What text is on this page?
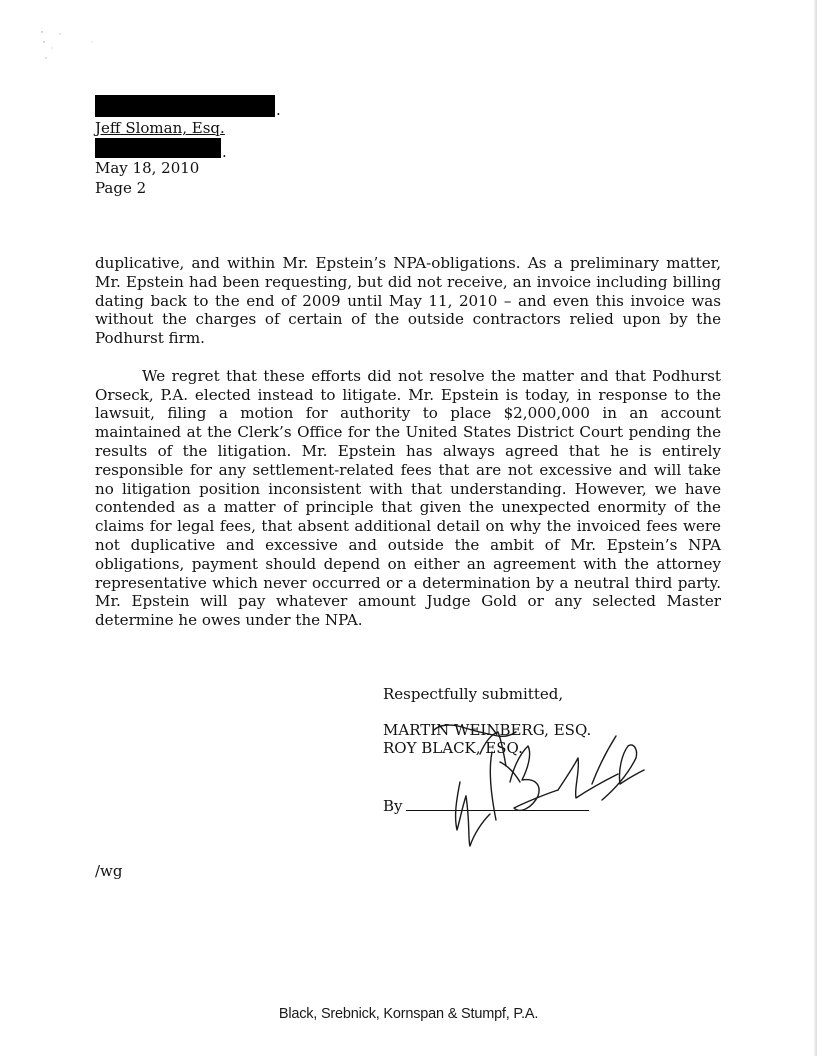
.
Jeff Sloman, Esq.
May 18, 2010
Page 2
.

duplicative, and within Mr. Epstein’s NPA-obligations. As a preliminary matter, Mr. Epstein had been requesting, but did not receive, an invoice including billing dating back to the end of 2009 until May 11, 2010 – and even this invoice was without the charges of certain of the outside contractors relied upon by the Podhurst firm.

We regret that these efforts did not resolve the matter and that Podhurst Orseck, P.A. elected instead to litigate. Mr. Epstein is today, in response to the lawsuit, filing a motion for authority to place $2,000,000 in an account maintained at the Clerk’s Office for the United States District Court pending the results of the litigation. Mr. Epstein has always agreed that he is entirely responsible for any settlement-related fees that are not excessive and will take no litigation position inconsistent with that understanding. However, we have contended as a matter of principle that given the unexpected enormity of the claims for legal fees, that absent additional detail on why the invoiced fees were not duplicative and excessive and outside the ambit of Mr. Epstein’s NPA obligations, payment should depend on either an agreement with the attorney representative which never occurred or a determination by a neutral third party. Mr. Epstein will pay whatever amount Judge Gold or any selected Master determine he owes under the NPA.

Respectfully submitted,
MARTIN WEINBERG, ESQ.
ROY BLACK, ESQ.
By
/wg
Black, Srebnick, Kornspan & Stumpf, P.A.
